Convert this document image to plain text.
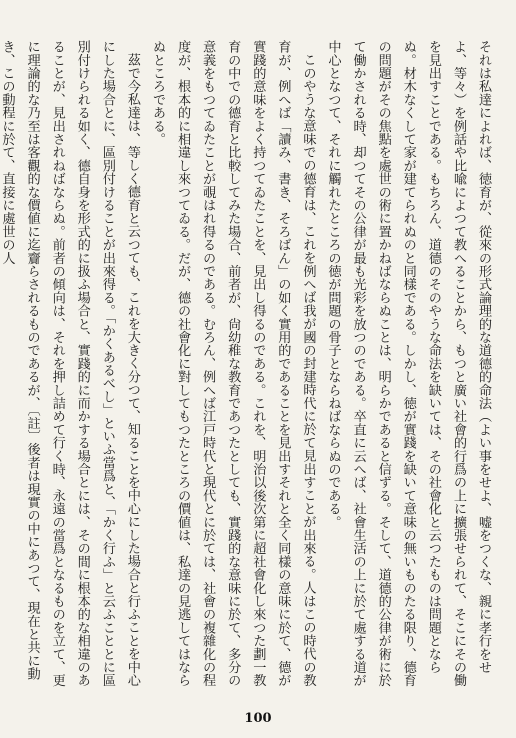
それは私達によれば、徳育が、從來の形式論理的な道德的命法（よい事をせよ、嘘をつくな、親に孝行をせよ、等々）を例話や比喩によつて教へることから、もつと廣い社會的行爲の上に擴張せられて、そこにその働を見出すことである。もちろん、道德のそのやうな命法を缺いては、その社會化と云つたものは問題とならぬ。材木なくして家が建てられぬのと同樣である。しかし、徳が實踐を缺いて意味の無いものたる限り、德育の問題がその焦點を處世の術に置かねばならぬことは、明らかであると信ずる。そして、道德的公律が術に於て働かされる時、却つてその公律が最も光彩を放つのである。卒直に云へば、社會生活の上に於て處する道が中心となつて、それに觸れたところの徳が問題の骨子とならねばならぬのである。

このやうな意味での德育は、これを例へば我が國の封建時代に於て見出すことが出來る。人はこの時代の教育が、例へば「讀み、書き、そろばん」の如く實用的であることを見出すそれと全く同樣の意味に於て、德が實踐的意味をよく持つてゐたことを、見出し得るのである。これを、明治以後次第に超社會化し來つた劃一教育の中での德育と比較してみた場合、前者が、尙幼稚な教育であつたとしても、實踐的な意味に於て、多分の意義をもつてゐたことが覗はれ得るのである。むろん、例へば江戸時代と現代とに於ては、社會の複雜化の程度が、根本的に相違し來つてゐる。だが、德の社會化に對してもつたところの價値は、私達の見逃してはならぬところである。

茲で今私達は、等しく德育と云つても、これを大きく分つて、知ることを中心にした場合と行ふことを中心にした場合とに、區別付けることが出來得る。「かくあるべし」といふ當爲と、「かく行ふ」と云ふこととに區別付けられる如く、德自身を形式的に扱ふ場合と、實踐的に而かする場合とには、その間に根本的な相違のあることが、見出されねばならぬ。前者の傾向は、それを押し詰めて行く時、永遠の當爲となるものを立て、更に理論的な乃至は客觀的な價値に迄齎らされるものであるが、〔註〕後者は現實の中にあつて、現在と共に動き、この動程に於て、直接に處世の人

100
